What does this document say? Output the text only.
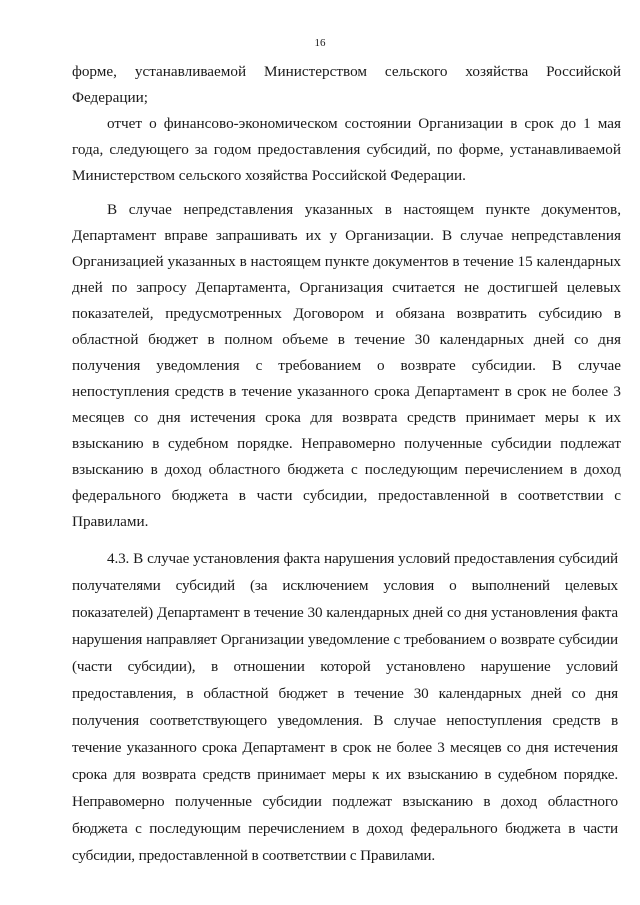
16

форме, устанавливаемой Министерством сельского хозяйства Российской Федерации;

отчет о финансово-экономическом состоянии Организации в срок до 1 мая года, следующего за годом предоставления субсидий, по форме, устанавливаемой Министерством сельского хозяйства Российской Федерации.

В случае непредставления указанных в настоящем пункте документов, Департамент вправе запрашивать их у Организации. В случае непредставления Организацией указанных в настоящем пункте документов в течение 15 календарных дней по запросу Департамента, Организация считается не достигшей целевых показателей, предусмотренных Договором и обязана возвратить субсидию в областной бюджет в полном объеме в течение 30 календарных дней со дня получения уведомления с требованием о возврате субсидии. В случае непоступления средств в течение указанного срока Департамент в срок не более 3 месяцев со дня истечения срока для возврата средств принимает меры к их взысканию в судебном порядке. Неправомерно полученные субсидии подлежат взысканию в доход областного бюджета с последующим перечислением в доход федерального бюджета в части субсидии, предоставленной в соответствии с Правилами.

4.3. В случае установления факта нарушения условий предоставления субсидий получателями субсидий (за исключением условия о выполнений целевых показателей) Департамент в течение 30 календарных дней со дня установления факта нарушения направляет Организации уведомление с требованием о возврате субсидии (части субсидии), в отношении которой установлено нарушение условий предоставления, в областной бюджет в течение 30 календарных дней со дня получения соответствующего уведомления. В случае непоступления средств в течение указанного срока Департамент в срок не более 3 месяцев со дня истечения срока для возврата средств принимает меры к их взысканию в судебном порядке. Неправомерно полученные субсидии подлежат взысканию в доход областного бюджета с последующим перечислением в доход федерального бюджета в части субсидии, предоставленной в соответствии с Правилами.
